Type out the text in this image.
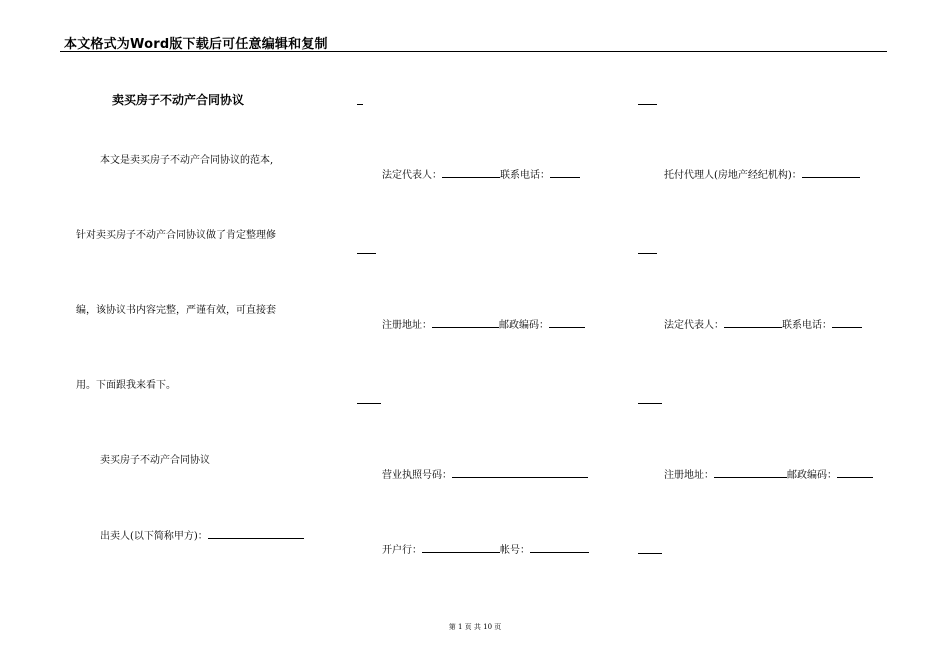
本文格式为Word版下载后可任意编辑和复制
卖买房子不动产合同协议
本文是卖买房子不动产合同协议的范本,
针对卖买房子不动产合同协议做了肯定整理修
编，该协议书内容完整，严谨有效，可直接套
用。下面跟我来看下。
卖买房子不动产合同协议
出卖人(以下简称甲方)：
法定代表人：	联系电话：
注册地址：	邮政编码：
营业执照号码：
开户行：	帐号：
托付代理人(房地产经纪机构)：
法定代表人：	联系电话：
注册地址：	邮政编码：
第 1 页 共 10 页
